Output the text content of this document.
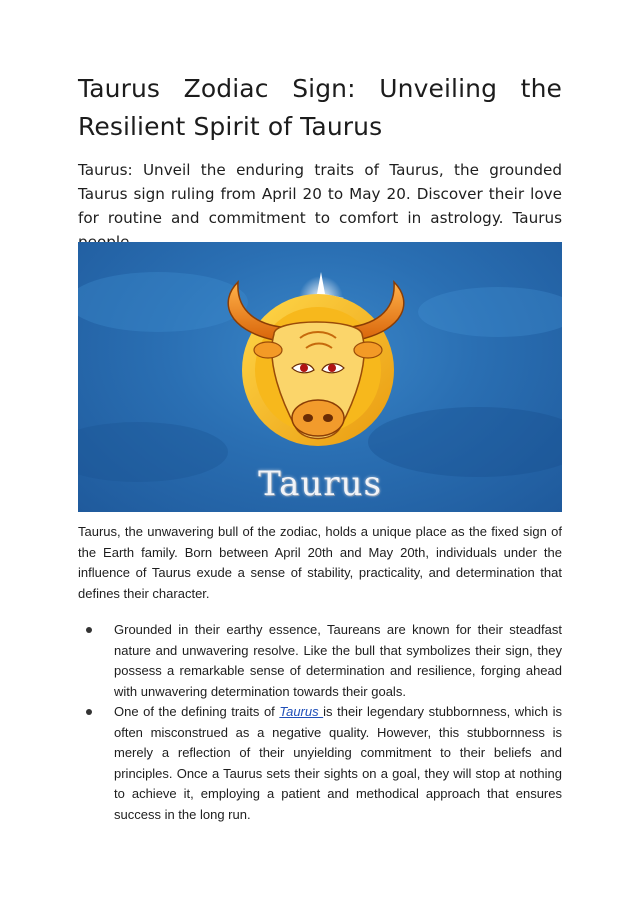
Taurus Zodiac Sign: Unveiling the Resilient Spirit of Taurus

Taurus: Unveil the enduring traits of Taurus, the grounded Taurus sign ruling from April 20 to May 20. Discover their love for routine and commitment to comfort in astrology. Taurus

Taurus

Taurus, the unwavering bull of the zodiac, holds a unique place as the fixed sign of the Earth family. Born between April 20th and May 20th, individuals under the influence of Taurus exude a sense of stability, practicality, and determination that defines their character.

Grounded in their earthy essence, Taureans are known for their steadfast nature and unwavering resolve. Like the bull that symbolizes their sign, they possess a remarkable sense of determination and resilience, forging ahead with unwavering determination towards their goals.
One of the defining traits of Taurus is their legendary stubbornness, which is often misconstrued as a negative quality. However, this stubbornness is merely a reflection of their unyielding commitment to their beliefs and principles. Once a Taurus sets their sights on a goal, they will stop at nothing to achieve it, employing a patient and methodical approach that ensures success in the long run.
